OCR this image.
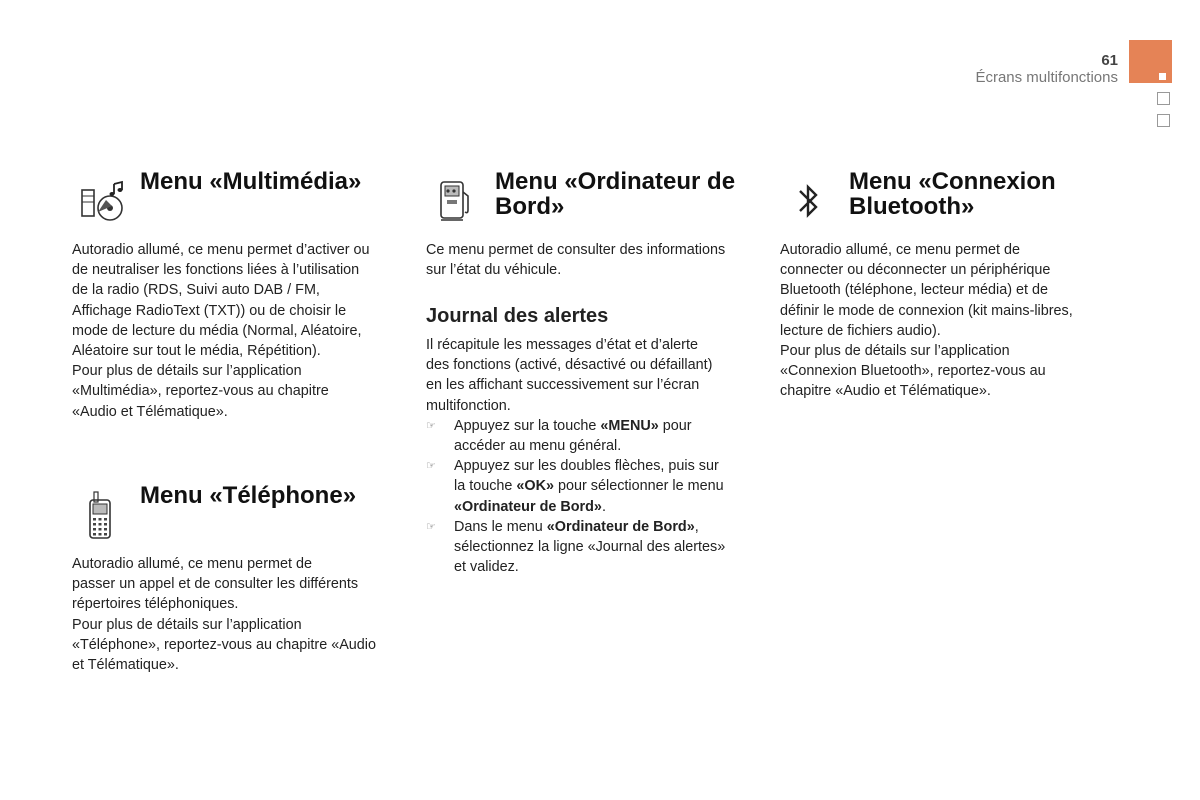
61
Écrans multifonctions
Menu «Multimédia»

Autoradio allumé, ce menu permet d’activer ou

de neutraliser les fonctions liées à l’utilisation

de la radio (RDS, Suivi auto DAB / FM,

Affichage RadioText (TXT)) ou de choisir le

mode de lecture du média (Normal, Aléatoire,

Aléatoire sur tout le média, Répétition).

Pour plus de détails sur l’application

«Multimédia», reportez-vous au chapitre

«Audio et Télématique».

Menu «Téléphone»

Autoradio allumé, ce menu permet de

passer un appel et de consulter les différents

répertoires téléphoniques.

Pour plus de détails sur l’application

«Téléphone», reportez-vous au chapitre «Audio

et Télématique».

Menu «Ordinateur de
Bord»

Ce menu permet de consulter des informations

sur l’état du véhicule.

Journal des alertes

Il récapitule les messages d’état et d’alerte

des fonctions (activé, désactivé ou défaillant)

en les affichant successivement sur l’écran

multifonction.

☞	Appuyez sur la touche «MENU» pour

accéder au menu général.

☞	Appuyez sur les doubles flèches, puis sur

la touche «OK» pour sélectionner le menu

«Ordinateur de Bord».

☞	Dans le menu «Ordinateur de Bord»,

sélectionnez la ligne «Journal des alertes»

et validez.

Menu «Connexion
Bluetooth»

Autoradio allumé, ce menu permet de

connecter ou déconnecter un périphérique

Bluetooth (téléphone, lecteur média) et de

définir le mode de connexion (kit mains-libres,

lecture de fichiers audio).

Pour plus de détails sur l’application

«Connexion Bluetooth», reportez-vous au

chapitre «Audio et Télématique».
